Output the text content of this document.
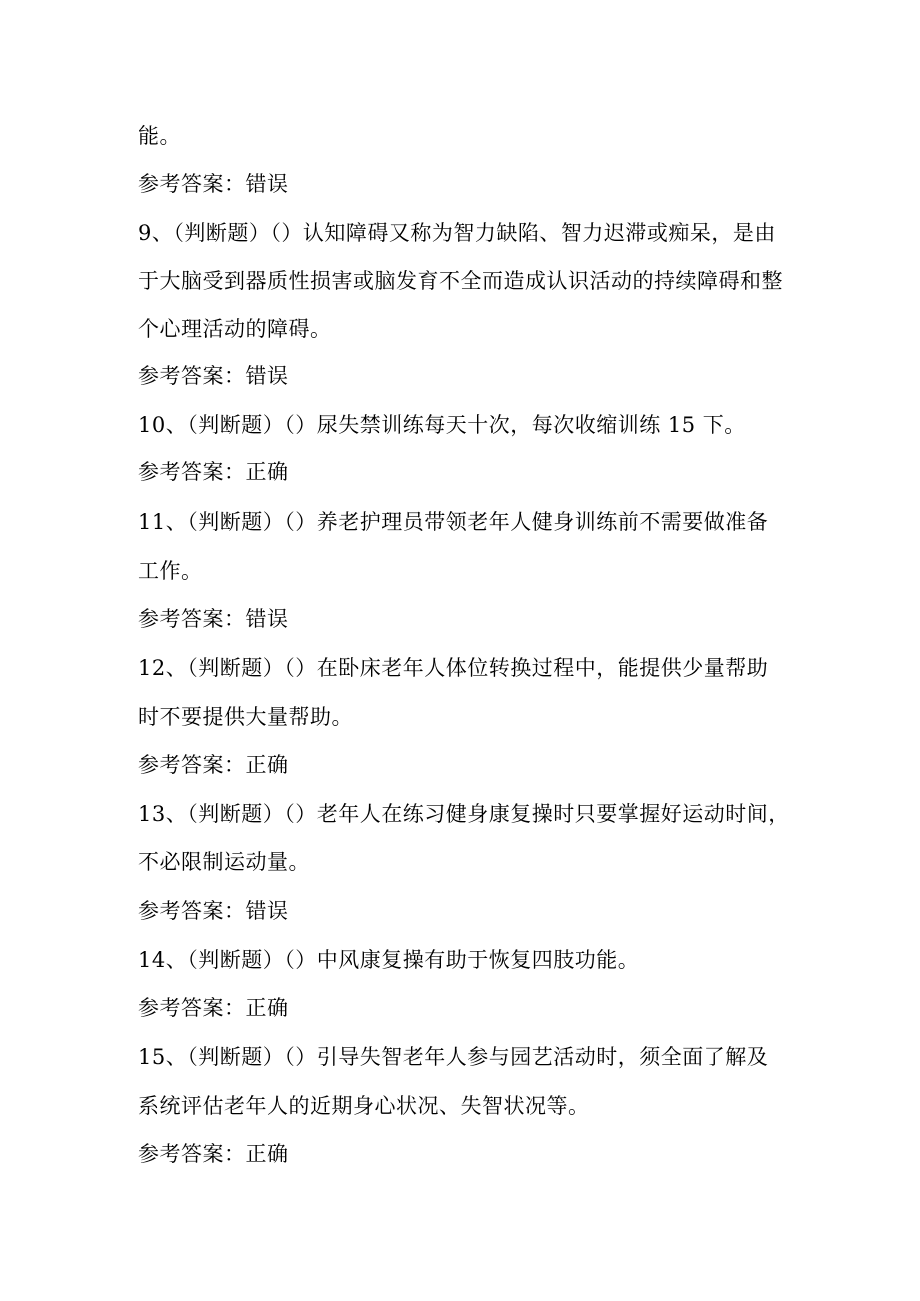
能。
参考答案：错误
9、（判断题）（）认知障碍又称为智力缺陷、智力迟滞或痴呆，是由
于大脑受到器质性损害或脑发育不全而造成认识活动的持续障碍和整
个心理活动的障碍。
参考答案：错误
10、（判断题）（）尿失禁训练每天十次，每次收缩训练 15 下。
参考答案：正确
11、（判断题）（）养老护理员带领老年人健身训练前不需要做准备
工作。
参考答案：错误
12、（判断题）（）在卧床老年人体位转换过程中，能提供少量帮助
时不要提供大量帮助。
参考答案：正确
13、（判断题）（）老年人在练习健身康复操时只要掌握好运动时间，
不必限制运动量。
参考答案：错误
14、（判断题）（）中风康复操有助于恢复四肢功能。
参考答案：正确
15、（判断题）（）引导失智老年人参与园艺活动时，须全面了解及
系统评估老年人的近期身心状况、失智状况等。
参考答案：正确
